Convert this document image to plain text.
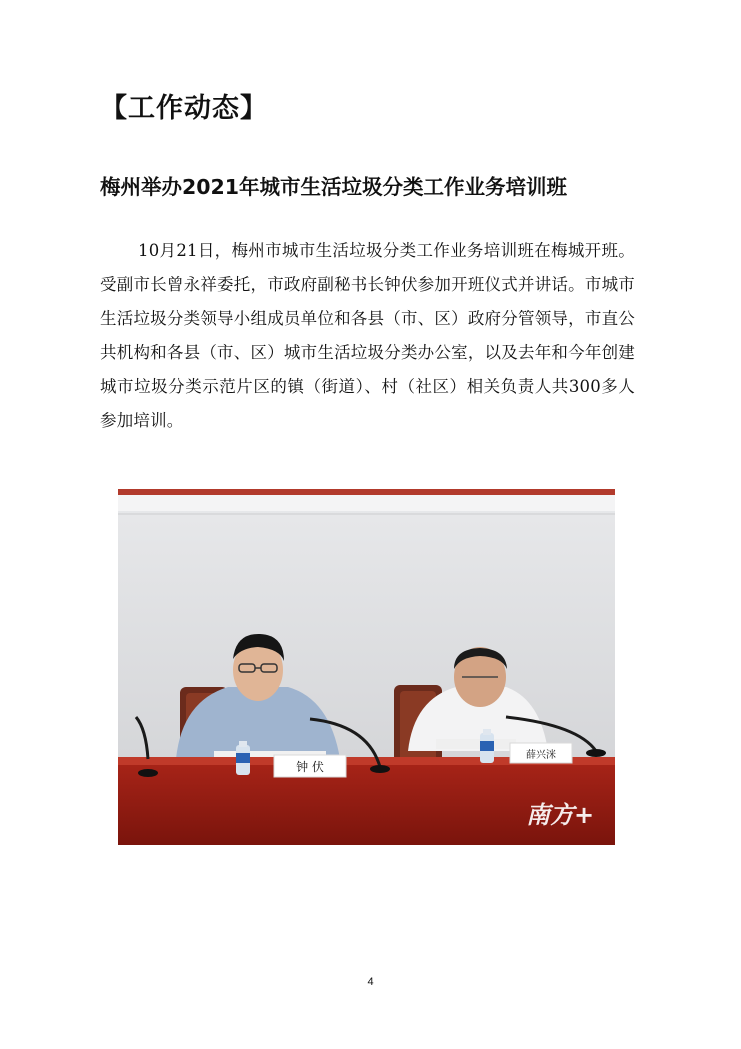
【工作动态】
梅州举办2021年城市生活垃圾分类工作业务培训班

10月21日，梅州市城市生活垃圾分类工作业务培训班在梅城开班。受副市长曾永祥委托，市政府副秘书长钟伏参加开班仪式并讲话。市城市生活垃圾分类领导小组成员单位和各县（市、区）政府分管领导，市直公共机构和各县（市、区）城市生活垃圾分类办公室，以及去年和今年创建城市垃圾分类示范片区的镇（街道）、村（社区）相关负责人共300多人参加培训。

钟 伏
薛兴洣
南方+
4
